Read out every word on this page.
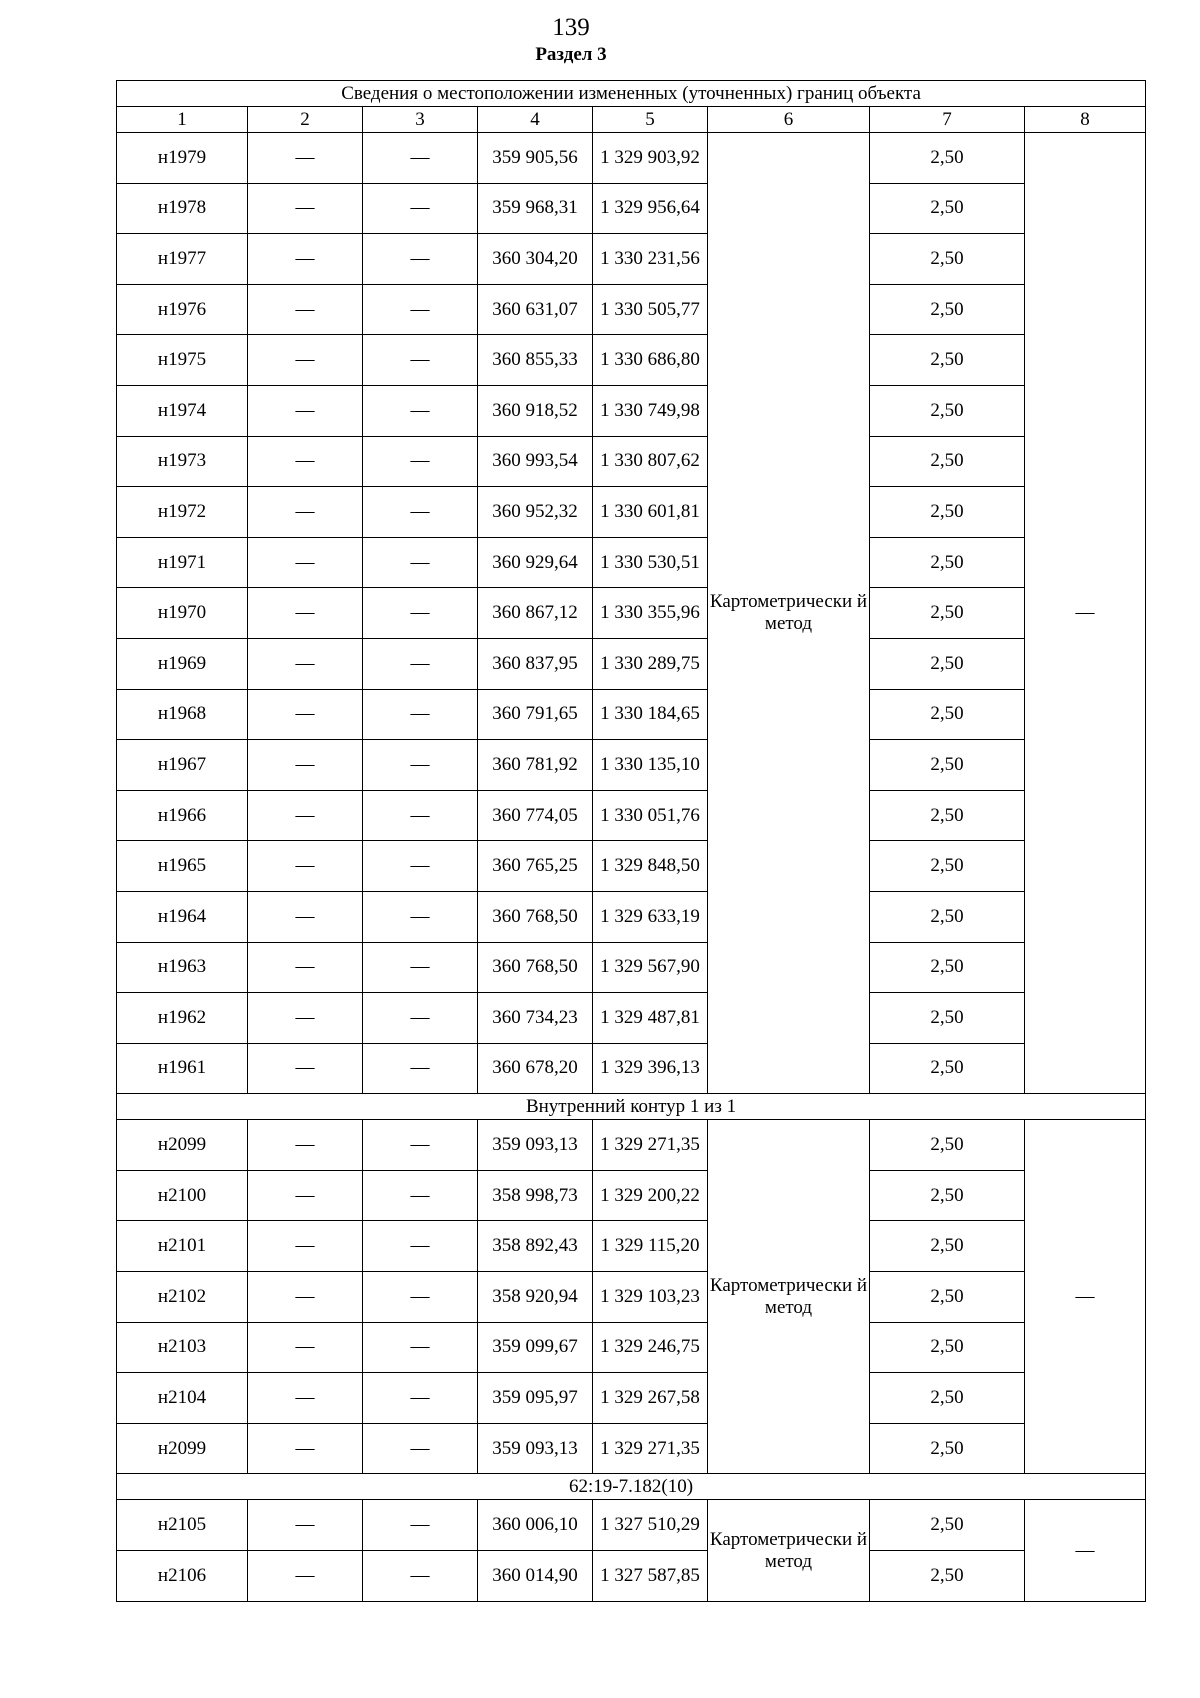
139
Раздел 3
Сведения о местоположении измененных (уточненных) границ объекта							
1	2	3	4	5	6	7	8
н1979	—	—	359 905,56	1 329 903,92	Картометрически й метод	2,50	—
н1978	—	—	359 968,31	1 329 956,64		2,50	
н1977	—	—	360 304,20	1 330 231,56		2,50	
н1976	—	—	360 631,07	1 330 505,77		2,50	
н1975	—	—	360 855,33	1 330 686,80		2,50	
н1974	—	—	360 918,52	1 330 749,98		2,50	
н1973	—	—	360 993,54	1 330 807,62		2,50	
н1972	—	—	360 952,32	1 330 601,81		2,50	
н1971	—	—	360 929,64	1 330 530,51		2,50	
н1970	—	—	360 867,12	1 330 355,96		2,50	
н1969	—	—	360 837,95	1 330 289,75		2,50	
н1968	—	—	360 791,65	1 330 184,65		2,50	
н1967	—	—	360 781,92	1 330 135,10		2,50	
н1966	—	—	360 774,05	1 330 051,76		2,50	
н1965	—	—	360 765,25	1 329 848,50		2,50	
н1964	—	—	360 768,50	1 329 633,19		2,50	
н1963	—	—	360 768,50	1 329 567,90		2,50	
н1962	—	—	360 734,23	1 329 487,81		2,50	
н1961	—	—	360 678,20	1 329 396,13		2,50	
Внутренний контур 1 из 1							
н2099	—	—	359 093,13	1 329 271,35	Картометрически й метод	2,50	—
н2100	—	—	358 998,73	1 329 200,22		2,50	
н2101	—	—	358 892,43	1 329 115,20		2,50	
н2102	—	—	358 920,94	1 329 103,23		2,50	
н2103	—	—	359 099,67	1 329 246,75		2,50	
н2104	—	—	359 095,97	1 329 267,58		2,50	
н2099	—	—	359 093,13	1 329 271,35		2,50	
62:19-7.182(10)							
н2105	—	—	360 006,10	1 327 510,29	Картометрически й метод	2,50	—
н2106	—	—	360 014,90	1 327 587,85		2,50	
